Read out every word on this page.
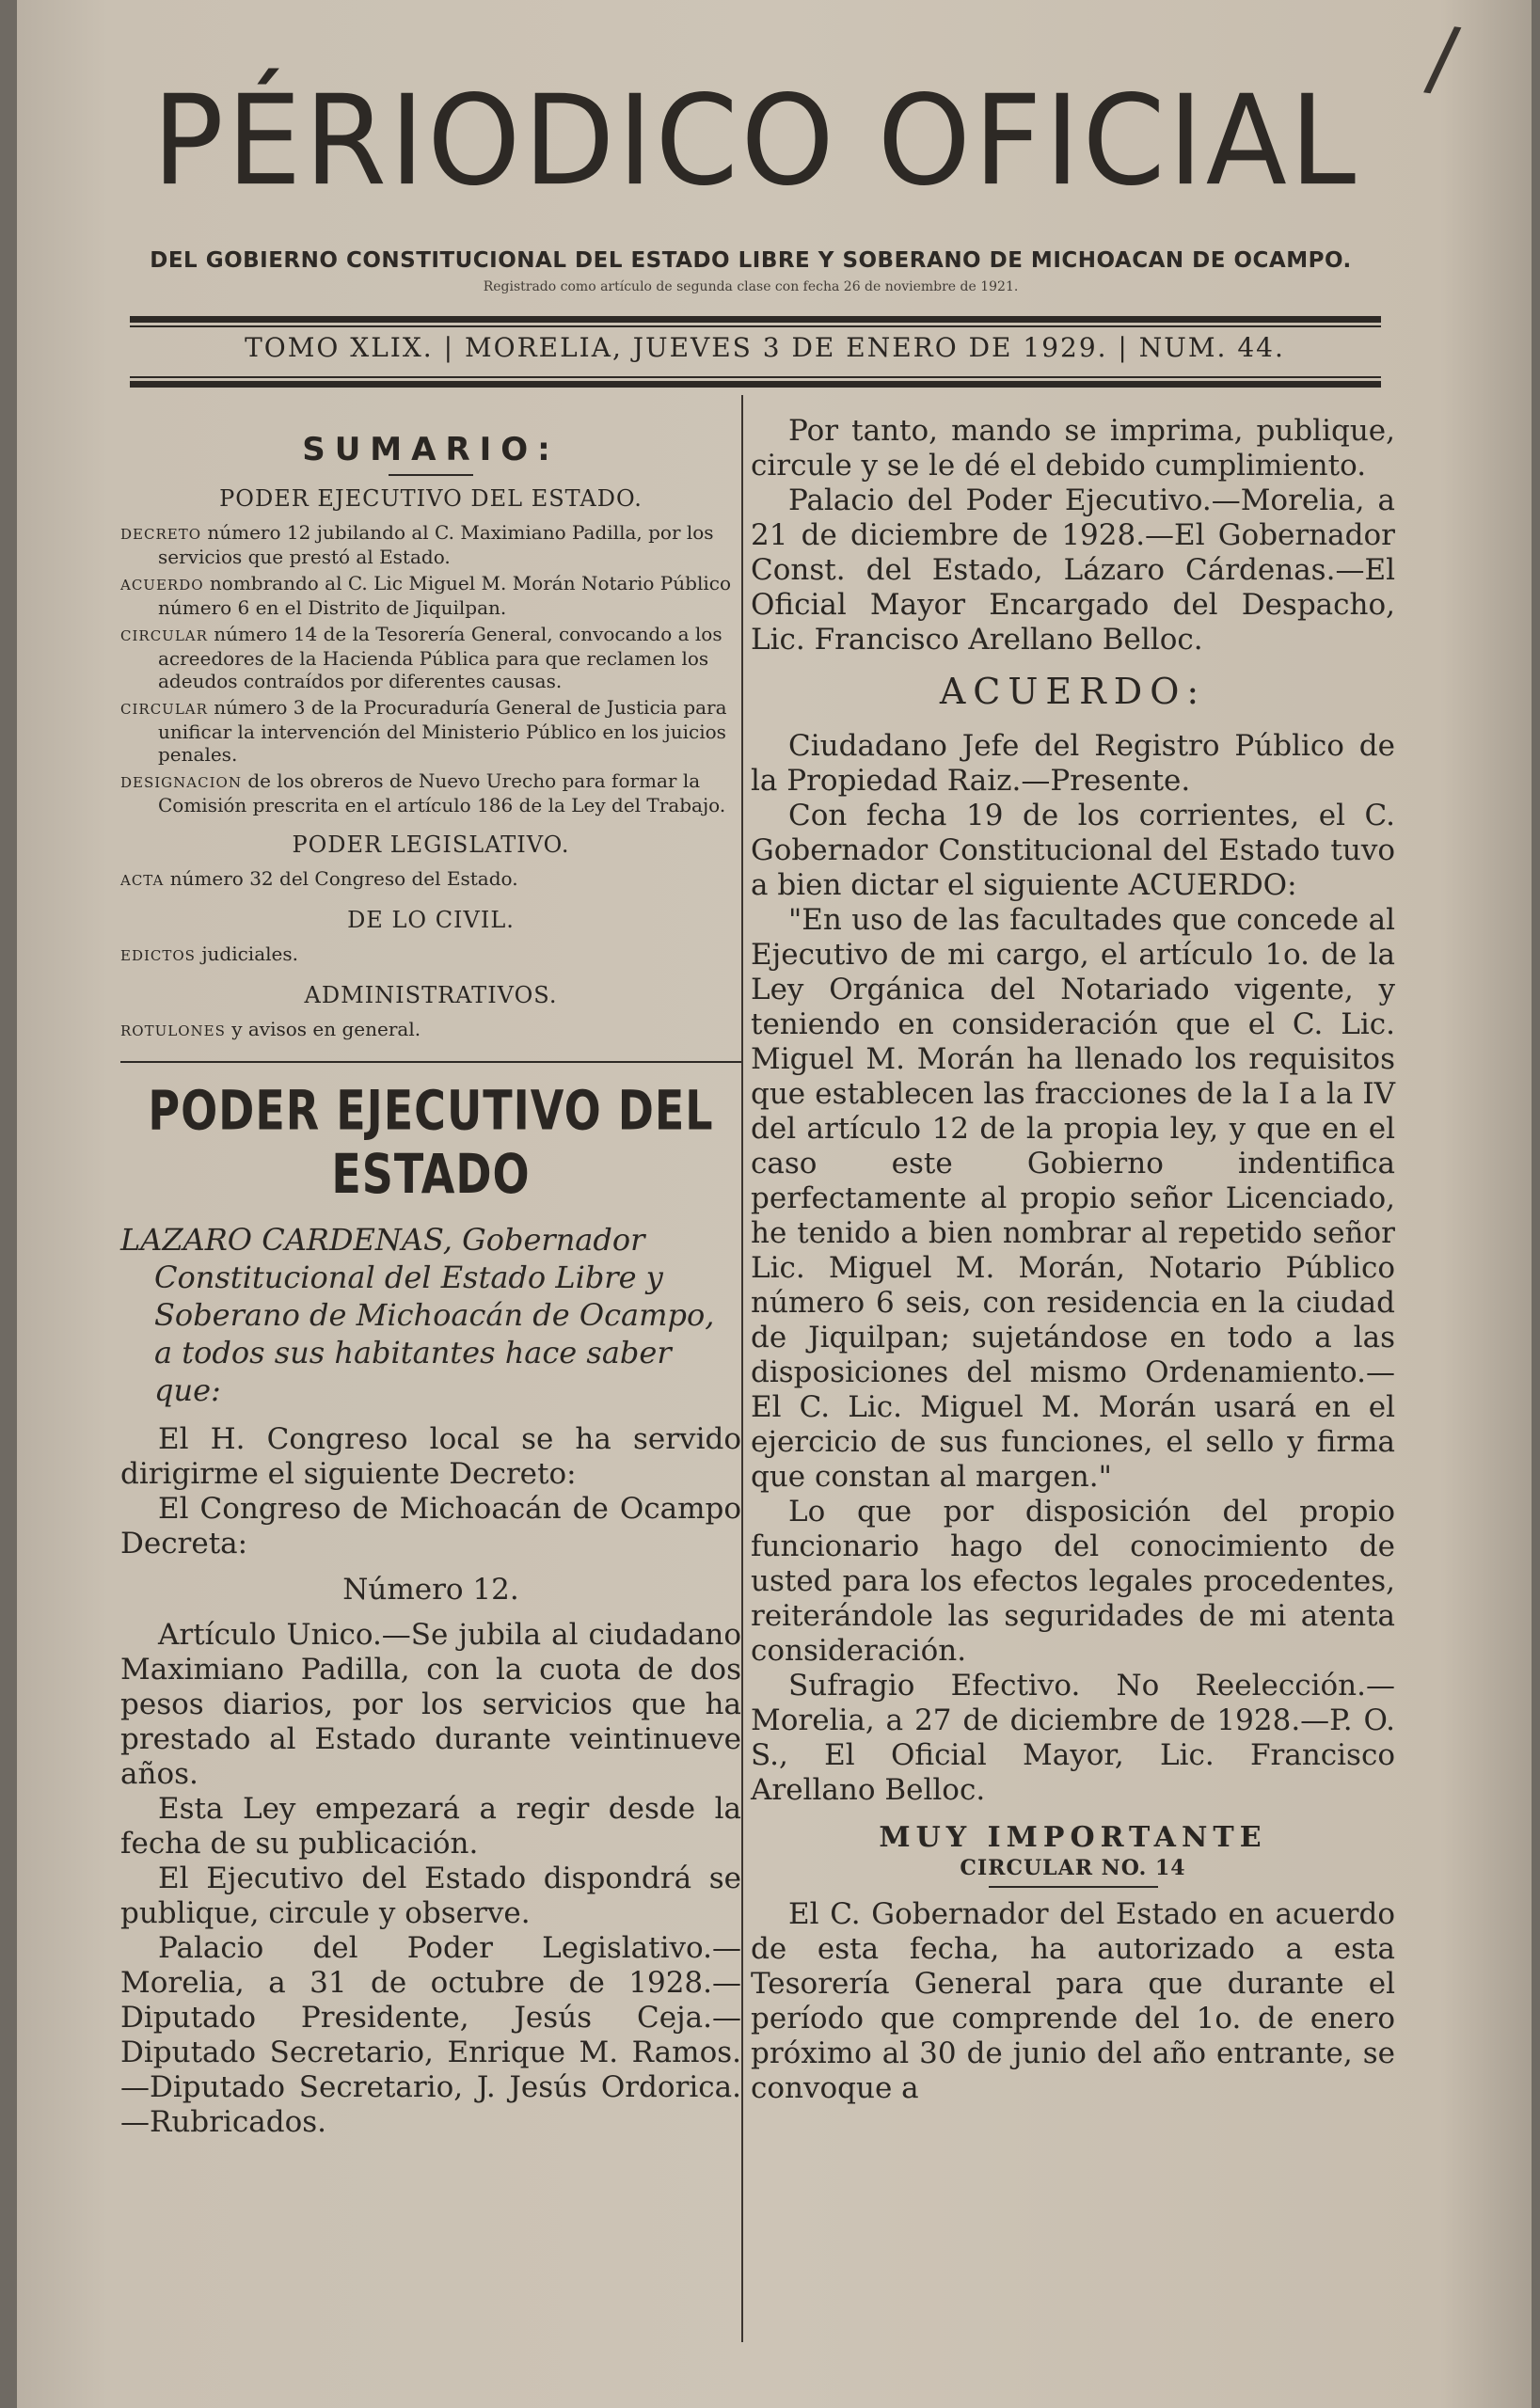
/
PÉRIODICO OFICIAL
DEL GOBIERNO CONSTITUCIONAL DEL ESTADO LIBRE Y SOBERANO DE MICHOACAN DE OCAMPO.
Registrado como artículo de segunda clase con fecha 26 de noviembre de 1921.
TOMO XLIX. | MORELIA, JUEVES 3 DE ENERO DE 1929. | NUM. 44.
SUMARIO:
PODER EJECUTIVO DEL ESTADO.
DECRETO número 12 jubilando al C. Maximiano Padilla, por los servicios que prestó al Estado.
ACUERDO nombrando al C. Lic Miguel M. Morán Notario Público número 6 en el Distrito de Jiquilpan.
CIRCULAR número 14 de la Tesorería General, convocando a los acreedores de la Hacienda Pública para que reclamen los adeudos contraídos por diferentes causas.
CIRCULAR número 3 de la Procuraduría General de Justicia para unificar la intervención del Ministerio Público en los juicios penales.
DESIGNACION de los obreros de Nuevo Urecho para formar la Comisión prescrita en el artículo 186 de la Ley del Trabajo.
PODER LEGISLATIVO.
ACTA número 32 del Congreso del Estado.
DE LO CIVIL.
EDICTOS judiciales.
ADMINISTRATIVOS.
ROTULONES y avisos en general.
PODER EJECUTIVO DEL ESTADO
LAZARO CARDENAS, Gobernador
Constitucional del Estado Libre y Soberano de Michoacán de Ocampo, a todos sus habitantes hace saber que:

El H. Congreso local se ha servido dirigirme el siguiente Decreto:

El Congreso de Michoacán de Ocampo Decreta:

Número 12.

Artículo Unico.—Se jubila al ciudadano Maximiano Padilla, con la cuota de dos pesos diarios, por los servicios que ha prestado al Estado durante veintinueve años.

Esta Ley empezará a regir desde la fecha de su publicación.

El Ejecutivo del Estado dispondrá se publique, circule y observe.

Palacio del Poder Legislativo.—Morelia, a 31 de octubre de 1928.—Diputado Presidente, Jesús Ceja.—Diputado Secretario, Enrique M. Ramos.—Diputado Secretario, J. Jesús Ordorica.—Rubricados.

Por tanto, mando se imprima, publique, circule y se le dé el debido cumplimiento.

Palacio del Poder Ejecutivo.—Morelia, a 21 de diciembre de 1928.—El Gobernador Const. del Estado, Lázaro Cárdenas.—El Oficial Mayor Encargado del Despacho, Lic. Francisco Arellano Belloc.

ACUERDO:

Ciudadano Jefe del Registro Público de la Propiedad Raiz.—Presente.

Con fecha 19 de los corrientes, el C. Gobernador Constitucional del Estado tuvo a bien dictar el siguiente ACUERDO:

"En uso de las facultades que concede al Ejecutivo de mi cargo, el artículo 1o. de la Ley Orgánica del Notariado vigente, y teniendo en consideración que el C. Lic. Miguel M. Morán ha llenado los requisitos que establecen las fracciones de la I a la IV del artículo 12 de la propia ley, y que en el caso este Gobierno indentifica perfectamente al propio señor Licenciado, he tenido a bien nombrar al repetido señor Lic. Miguel M. Morán, Notario Público número 6 seis, con residencia en la ciudad de Jiquilpan; sujetándose en todo a las disposiciones del mismo Ordenamiento.—El C. Lic. Miguel M. Morán usará en el ejercicio de sus funciones, el sello y firma que constan al margen."

Lo que por disposición del propio funcionario hago del conocimiento de usted para los efectos legales procedentes, reiterándole las seguridades de mi atenta consideración.

Sufragio Efectivo. No Reelección.—Morelia, a 27 de diciembre de 1928.—P. O. S., El Oficial Mayor, Lic. Francisco Arellano Belloc.

MUY IMPORTANTE
CIRCULAR NO. 14

El C. Gobernador del Estado en acuerdo de esta fecha, ha autorizado a esta Tesorería General para que durante el período que comprende del 1o. de enero próximo al 30 de junio del año entrante, se convoque a
